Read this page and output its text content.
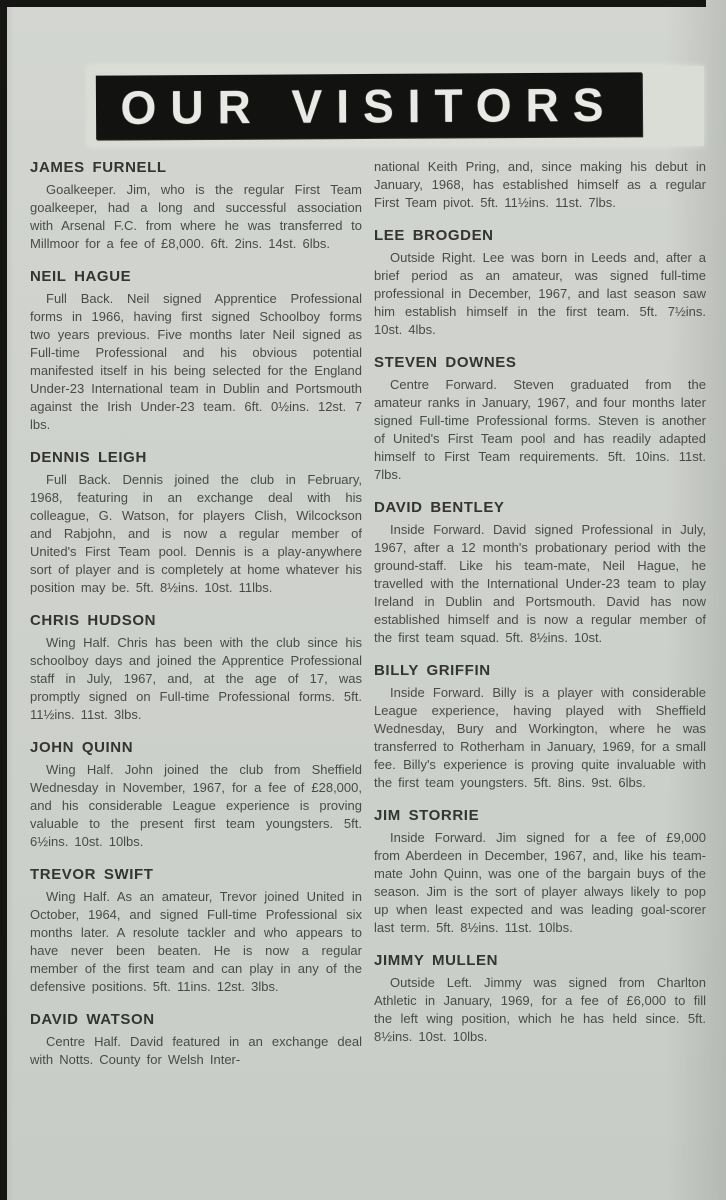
OUR VISITORS
JAMES FURNELL

Goalkeeper. Jim, who is the regular First Team goalkeeper, had a long and successful association with Arsenal F.C. from where he was transferred to Millmoor for a fee of £8,000. 6ft. 2ins. 14st. 6lbs.

NEIL HAGUE

Full Back. Neil signed Apprentice Professional forms in 1966, having first signed Schoolboy forms two years previous. Five months later Neil signed as Full-time Professional and his obvious potential manifested itself in his being selected for the England Under-23 International team in Dublin and Portsmouth against the Irish Under-23 team. 6ft. 0½ins. 12st. 7 lbs.

DENNIS LEIGH

Full Back. Dennis joined the club in February, 1968, featuring in an exchange deal with his colleague, G. Watson, for players Clish, Wilcockson and Rabjohn, and is now a regular member of United's First Team pool. Dennis is a play-anywhere sort of player and is completely at home whatever his position may be. 5ft. 8½ins. 10st. 11lbs.

CHRIS HUDSON

Wing Half. Chris has been with the club since his schoolboy days and joined the Apprentice Professional staff in July, 1967, and, at the age of 17, was promptly signed on Full-time Professional forms. 5ft. 11½ins. 11st. 3lbs.

JOHN QUINN

Wing Half. John joined the club from Sheffield Wednesday in November, 1967, for a fee of £28,000, and his considerable League experience is proving valuable to the present first team youngsters. 5ft. 6½ins. 10st. 10lbs.

TREVOR SWIFT

Wing Half. As an amateur, Trevor joined United in October, 1964, and signed Full-time Professional six months later. A resolute tackler and who appears to have never been beaten. He is now a regular member of the first team and can play in any of the defensive positions. 5ft. 11ins. 12st. 3lbs.

DAVID WATSON

Centre Half. David featured in an exchange deal with Notts. County for Welsh Inter-

national Keith Pring, and, since making his debut in January, 1968, has established himself as a regular First Team pivot. 5ft. 11½ins. 11st. 7lbs.

LEE BROGDEN

Outside Right. Lee was born in Leeds and, after a brief period as an amateur, was signed full-time professional in December, 1967, and last season saw him establish himself in the first team. 5ft. 7½ins. 10st. 4lbs.

STEVEN DOWNES

Centre Forward. Steven graduated from the amateur ranks in January, 1967, and four months later signed Full-time Professional forms. Steven is another of United's First Team pool and has readily adapted himself to First Team requirements. 5ft. 10ins. 11st. 7lbs.

DAVID BENTLEY

Inside Forward. David signed Professional in July, 1967, after a 12 month's probationary period with the ground-staff. Like his team-mate, Neil Hague, he travelled with the International Under-23 team to play Ireland in Dublin and Portsmouth. David has now established himself and is now a regular member of the first team squad. 5ft. 8½ins. 10st.

BILLY GRIFFIN

Inside Forward. Billy is a player with considerable League experience, having played with Sheffield Wednesday, Bury and Workington, where he was transferred to Rotherham in January, 1969, for a small fee. Billy's experience is proving quite invaluable with the first team youngsters. 5ft. 8ins. 9st. 6lbs.

JIM STORRIE

Inside Forward. Jim signed for a fee of £9,000 from Aberdeen in December, 1967, and, like his team-mate John Quinn, was one of the bargain buys of the season. Jim is the sort of player always likely to pop up when least expected and was leading goal-scorer last term. 5ft. 8½ins. 11st. 10lbs.

JIMMY MULLEN

Outside Left. Jimmy was signed from Charlton Athletic in January, 1969, for a fee of £6,000 to fill the left wing position, which he has held since. 5ft. 8½ins. 10st. 10lbs.
